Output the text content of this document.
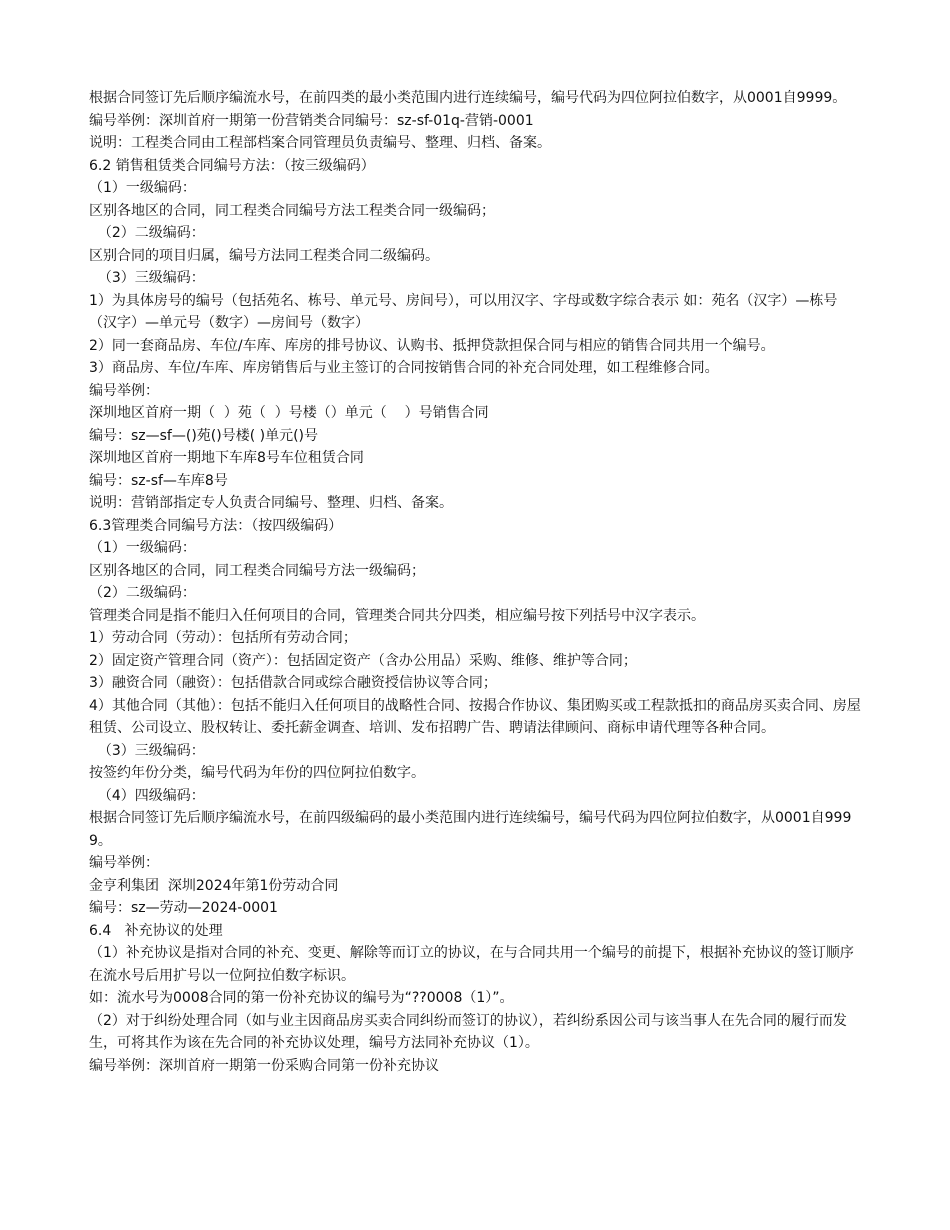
根据合同签订先后顺序编流水号，在前四类的最小类范围内进行连续编号，编号代码为四位阿拉伯数字，从0001自9999。
编号举例：深圳首府一期第一份营销类合同编号：sz-sf-01q-营销-0001
说明：工程类合同由工程部档案合同管理员负责编号、整理、归档、备案。
6.2 销售租赁类合同编号方法：（按三级编码）
（1）一级编码：
区别各地区的合同，同工程类合同编号方法工程类合同一级编码；
（2）二级编码：
区别合同的项目归属，编号方法同工程类合同二级编码。
（3）三级编码：
1）为具体房号的编号（包括苑名、栋号、单元号、房间号），可以用汉字、字母或数字综合表示 如：苑名（汉字）—栋号（汉字）—单元号（数字）—房间号（数字）
2）同一套商品房、车位/车库、库房的排号协议、认购书、抵押贷款担保合同与相应的销售合同共用一个编号。
3）商品房、车位/车库、库房销售后与业主签订的合同按销售合同的补充合同处理，如工程维修合同。
编号举例：
深圳地区首府一期（  ）苑（  ）号楼（）单元（    ）号销售合同
编号：sz—sf—()苑()号楼( )单元()号
深圳地区首府一期地下车库8号车位租赁合同
编号：sz-sf—车库8号
说明：营销部指定专人负责合同编号、整理、归档、备案。
6.3管理类合同编号方法：（按四级编码）
（1）一级编码：
区别各地区的合同，同工程类合同编号方法一级编码；
（2）二级编码：
管理类合同是指不能归入任何项目的合同，管理类合同共分四类，相应编号按下列括号中汉字表示。
1）劳动合同（劳动）：包括所有劳动合同；
2）固定资产管理合同（资产）：包括固定资产（含办公用品）采购、维修、维护等合同；
3）融资合同（融资）：包括借款合同或综合融资授信协议等合同；
4）其他合同（其他）：包括不能归入任何项目的战略性合同、按揭合作协议、集团购买或工程款抵扣的商品房买卖合同、房屋租赁、公司设立、股权转让、委托薪金调查、培训、发布招聘广告、聘请法律顾问、商标申请代理等各种合同。
（3）三级编码：
按签约年份分类，编号代码为年份的四位阿拉伯数字。
（4）四级编码：
根据合同签订先后顺序编流水号，在前四级编码的最小类范围内进行连续编号，编号代码为四位阿拉伯数字，从0001自9999。
编号举例：
金亨利集团  深圳2024年第1份劳动合同
编号：sz—劳动—2024-0001
6.4   补充协议的处理
（1）补充协议是指对合同的补充、变更、解除等而订立的协议，在与合同共用一个编号的前提下，根据补充协议的签订顺序在流水号后用扩号以一位阿拉伯数字标识。
如：流水号为0008合同的第一份补充协议的编号为“??0008（1）”。
（2）对于纠纷处理合同（如与业主因商品房买卖合同纠纷而签订的协议），若纠纷系因公司与该当事人在先合同的履行而发生，可将其作为该在先合同的补充协议处理，编号方法同补充协议（1）。
编号举例：深圳首府一期第一份采购合同第一份补充协议
